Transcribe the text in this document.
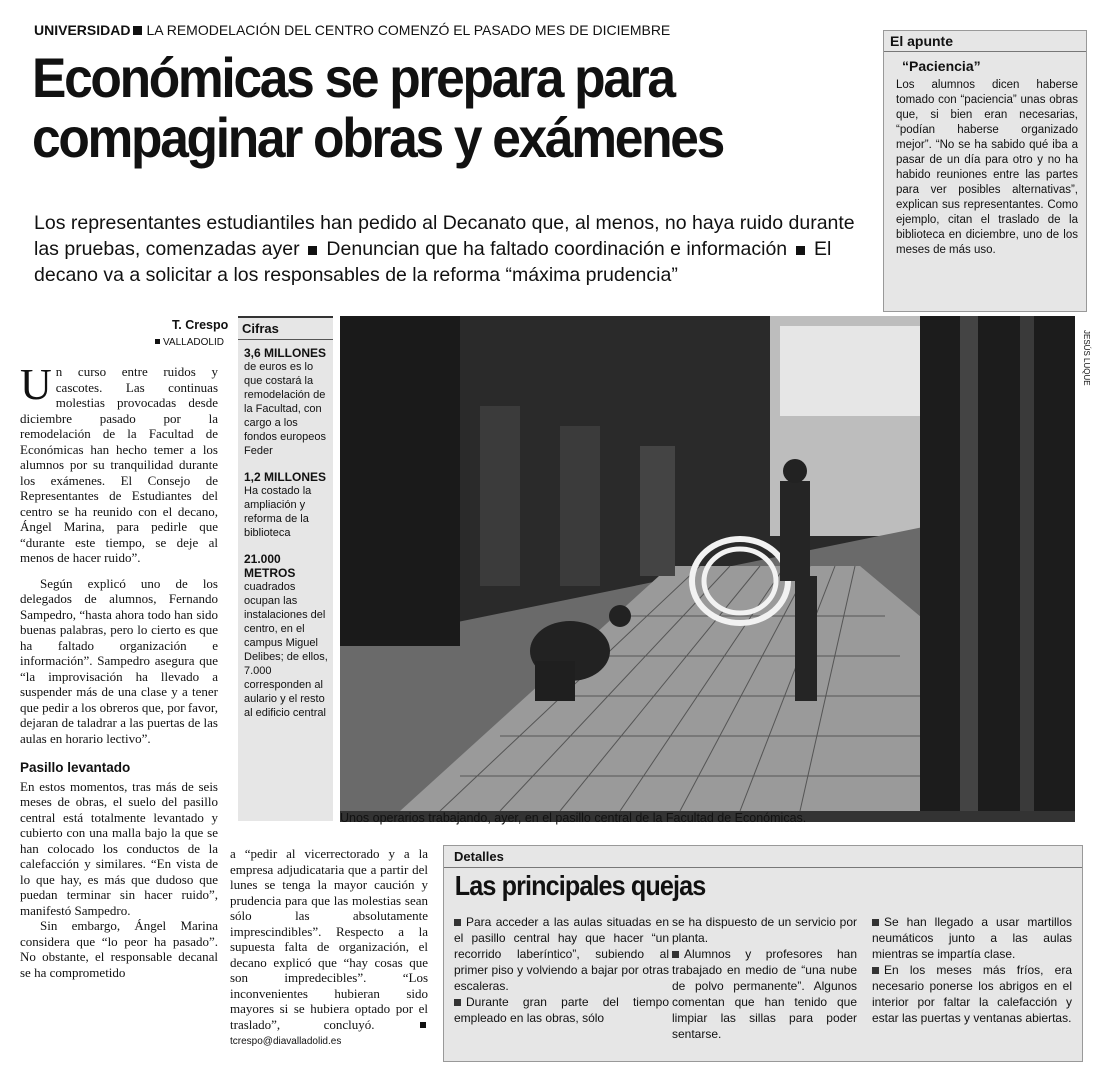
UNIVERSIDAD LA REMODELACIÓN DEL CENTRO COMENZÓ EL PASADO MES DE DICIEMBRE
Económicas se prepara para
compaginar obras y exámenes
Los representantes estudiantiles han pedido al Decanato que, al menos, no haya ruido durante las pruebas, comenzadas ayer Denuncian que ha faltado coordinación e información El decano va a solicitar a los responsables de la reforma “máxima prudencia”
El apunte
“Paciencia”
Los alumnos dicen haberse tomado con “paciencia” unas obras que, si bien eran necesarias, “podían haberse organizado mejor”. “No se ha sabido qué iba a pasar de un día para otro y no ha habido reuniones entre las partes para ver posibles alternativas”, explican sus representantes. Como ejemplo, citan el traslado de la biblioteca en diciembre, uno de los meses de más uso.
T. Crespo
VALLADOLID

Un curso entre ruidos y cascotes. Las continuas molestias provocadas desde diciembre pasado por la remodelación de la Facultad de Económicas han hecho temer a los alumnos por su tranquilidad durante los exámenes. El Consejo de Representantes de Estudiantes del centro se ha reunido con el decano, Ángel Marina, para pedirle que “durante este tiempo, se deje al menos de hacer ruido”.

Según explicó uno de los delegados de alumnos, Fernando Sampedro, “hasta ahora todo han sido buenas palabras, pero lo cierto es que ha faltado organización e información”. Sampedro asegura que “la improvisación ha llevado a suspender más de una clase y a tener que pedir a los obreros que, por favor, dejaran de taladrar a las puertas de las aulas en horario lectivo”.

Pasillo levantado

En estos momentos, tras más de seis meses de obras, el suelo del pasillo central está totalmente levantado y cubierto con una malla bajo la que se han colocado los conductos de la calefacción y similares. “En vista de lo que hay, es más que dudoso que puedan terminar sin hacer ruido”, manifestó Sampedro.

Sin embargo, Ángel Marina considera que “lo peor ha pasado”. No obstante, el responsable decanal se ha comprometido

Cifras
3,6 MILLONES
de euros es lo que costará la remodelación de la Facultad, con cargo a los fondos europeos Feder
1,2 MILLONES
Ha costado la ampliación y reforma de la biblioteca
21.000 METROS
cuadrados ocupan las instalaciones del centro, en el campus Miguel Delibes; de ellos, 7.000 corresponden al aulario y el resto al edificio central
JESÚS LUQUE
Unos operarios trabajando, ayer, en el pasillo central de la Facultad de Económicas.

a “pedir al vicerrectorado y a la empresa adjudicataria que a partir del lunes se tenga la mayor caución y prudencia para que las molestias sean sólo las absolutamente imprescindibles”. Respecto a la supuesta falta de organización, el decano explicó que “hay cosas que son impredecibles”. “Los inconvenientes hubieran sido mayores si se hubiera optado por el traslado”, concluyó. tcrespo@diavalladolid.es

Detalles
Las principales quejas
Para acceder a las aulas situadas en el pasillo central hay que hacer “un recorrido laberíntico”, subiendo al primer piso y volviendo a bajar por otras escaleras.
Durante gran parte del tiempo empleado en las obras, sólo
se ha dispuesto de un servicio por planta.
Alumnos y profesores han trabajado en medio de “una nube de polvo permanente”. Algunos comentan que han tenido que limpiar las sillas para poder sentarse.
Se han llegado a usar martillos neumáticos junto a las aulas mientras se impartía clase.
En los meses más fríos, era necesario ponerse los abrigos en el interior por faltar la calefacción y estar las puertas y ventanas abiertas.
